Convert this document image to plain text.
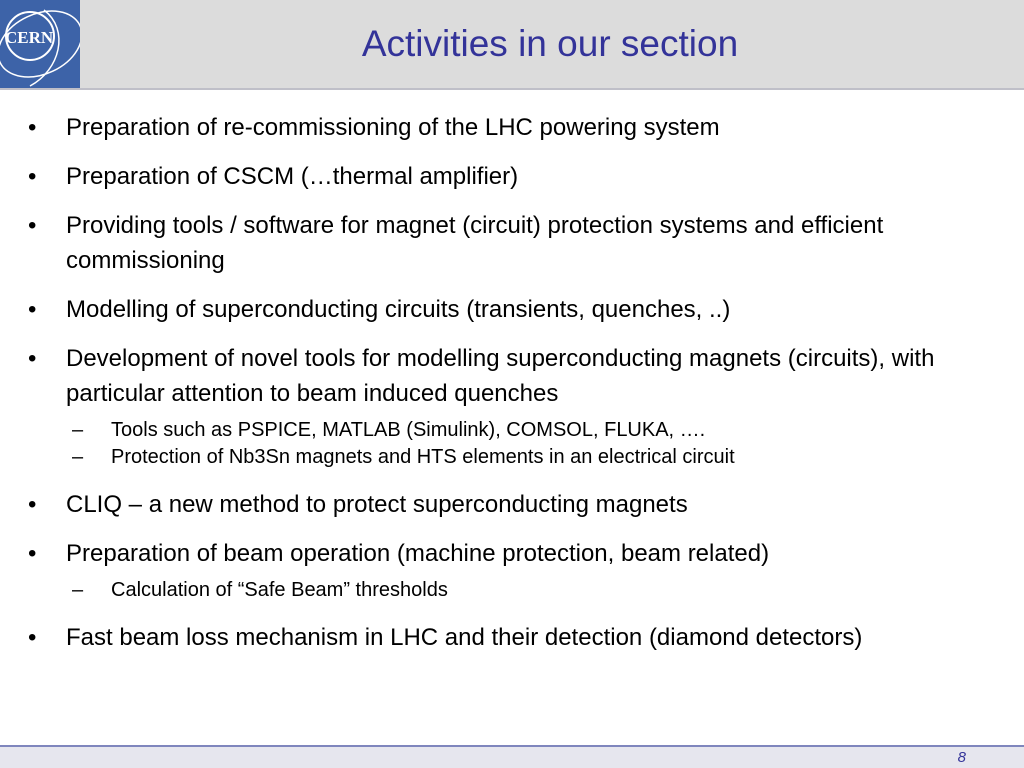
CERN	Activities in our section
• Preparation of re-commissioning of the LHC powering system
• Preparation of CSCM (…thermal amplifier)
• Providing tools / software for magnet (circuit) protection systems and efficient commissioning
• Modelling of superconducting circuits (transients, quenches, ..)
• Development of novel tools for modelling superconducting magnets (circuits), with particular attention to beam induced quenches
– Tools such as PSPICE, MATLAB (Simulink), COMSOL, FLUKA, ….
– Protection of Nb3Sn magnets and HTS elements in an electrical circuit
• CLIQ – a new method to protect superconducting magnets
• Preparation of beam operation (machine protection, beam related)
– Calculation of “Safe Beam” thresholds
• Fast beam loss mechanism in LHC and their detection (diamond detectors)
8
